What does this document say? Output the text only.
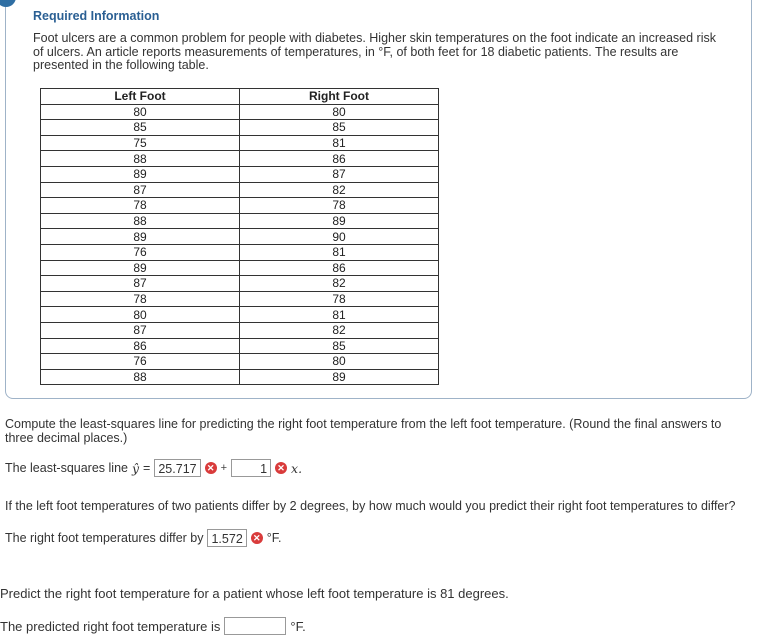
Required Information
Foot ulcers are a common problem for people with diabetes. Higher skin temperatures on the foot indicate an increased risk of ulcers. An article reports measurements of temperatures, in °F, of both feet for 18 diabetic patients. The results are presented in the following table.
Left Foot	Right Foot
80	80
85	85
75	81
88	86
89	87
87	82
78	78
88	89
89	90
76	81
89	86
87	82
78	78
80	81
87	82
86	85
76	80
88	89
Compute the least-squares line for predicting the right foot temperature from the left foot temperature. (Round the final answers to three decimal places.)
The least-squares line ŷ = 25.717	✕ +	1	✕ x.
If the left foot temperatures of two patients differ by 2 degrees, by how much would you predict their right foot temperatures to differ?
The right foot temperatures differ by 1.572	✕ °F.
Predict the right foot temperature for a patient whose left foot temperature is 81 degrees.
The predicted right foot temperature is	°F.
